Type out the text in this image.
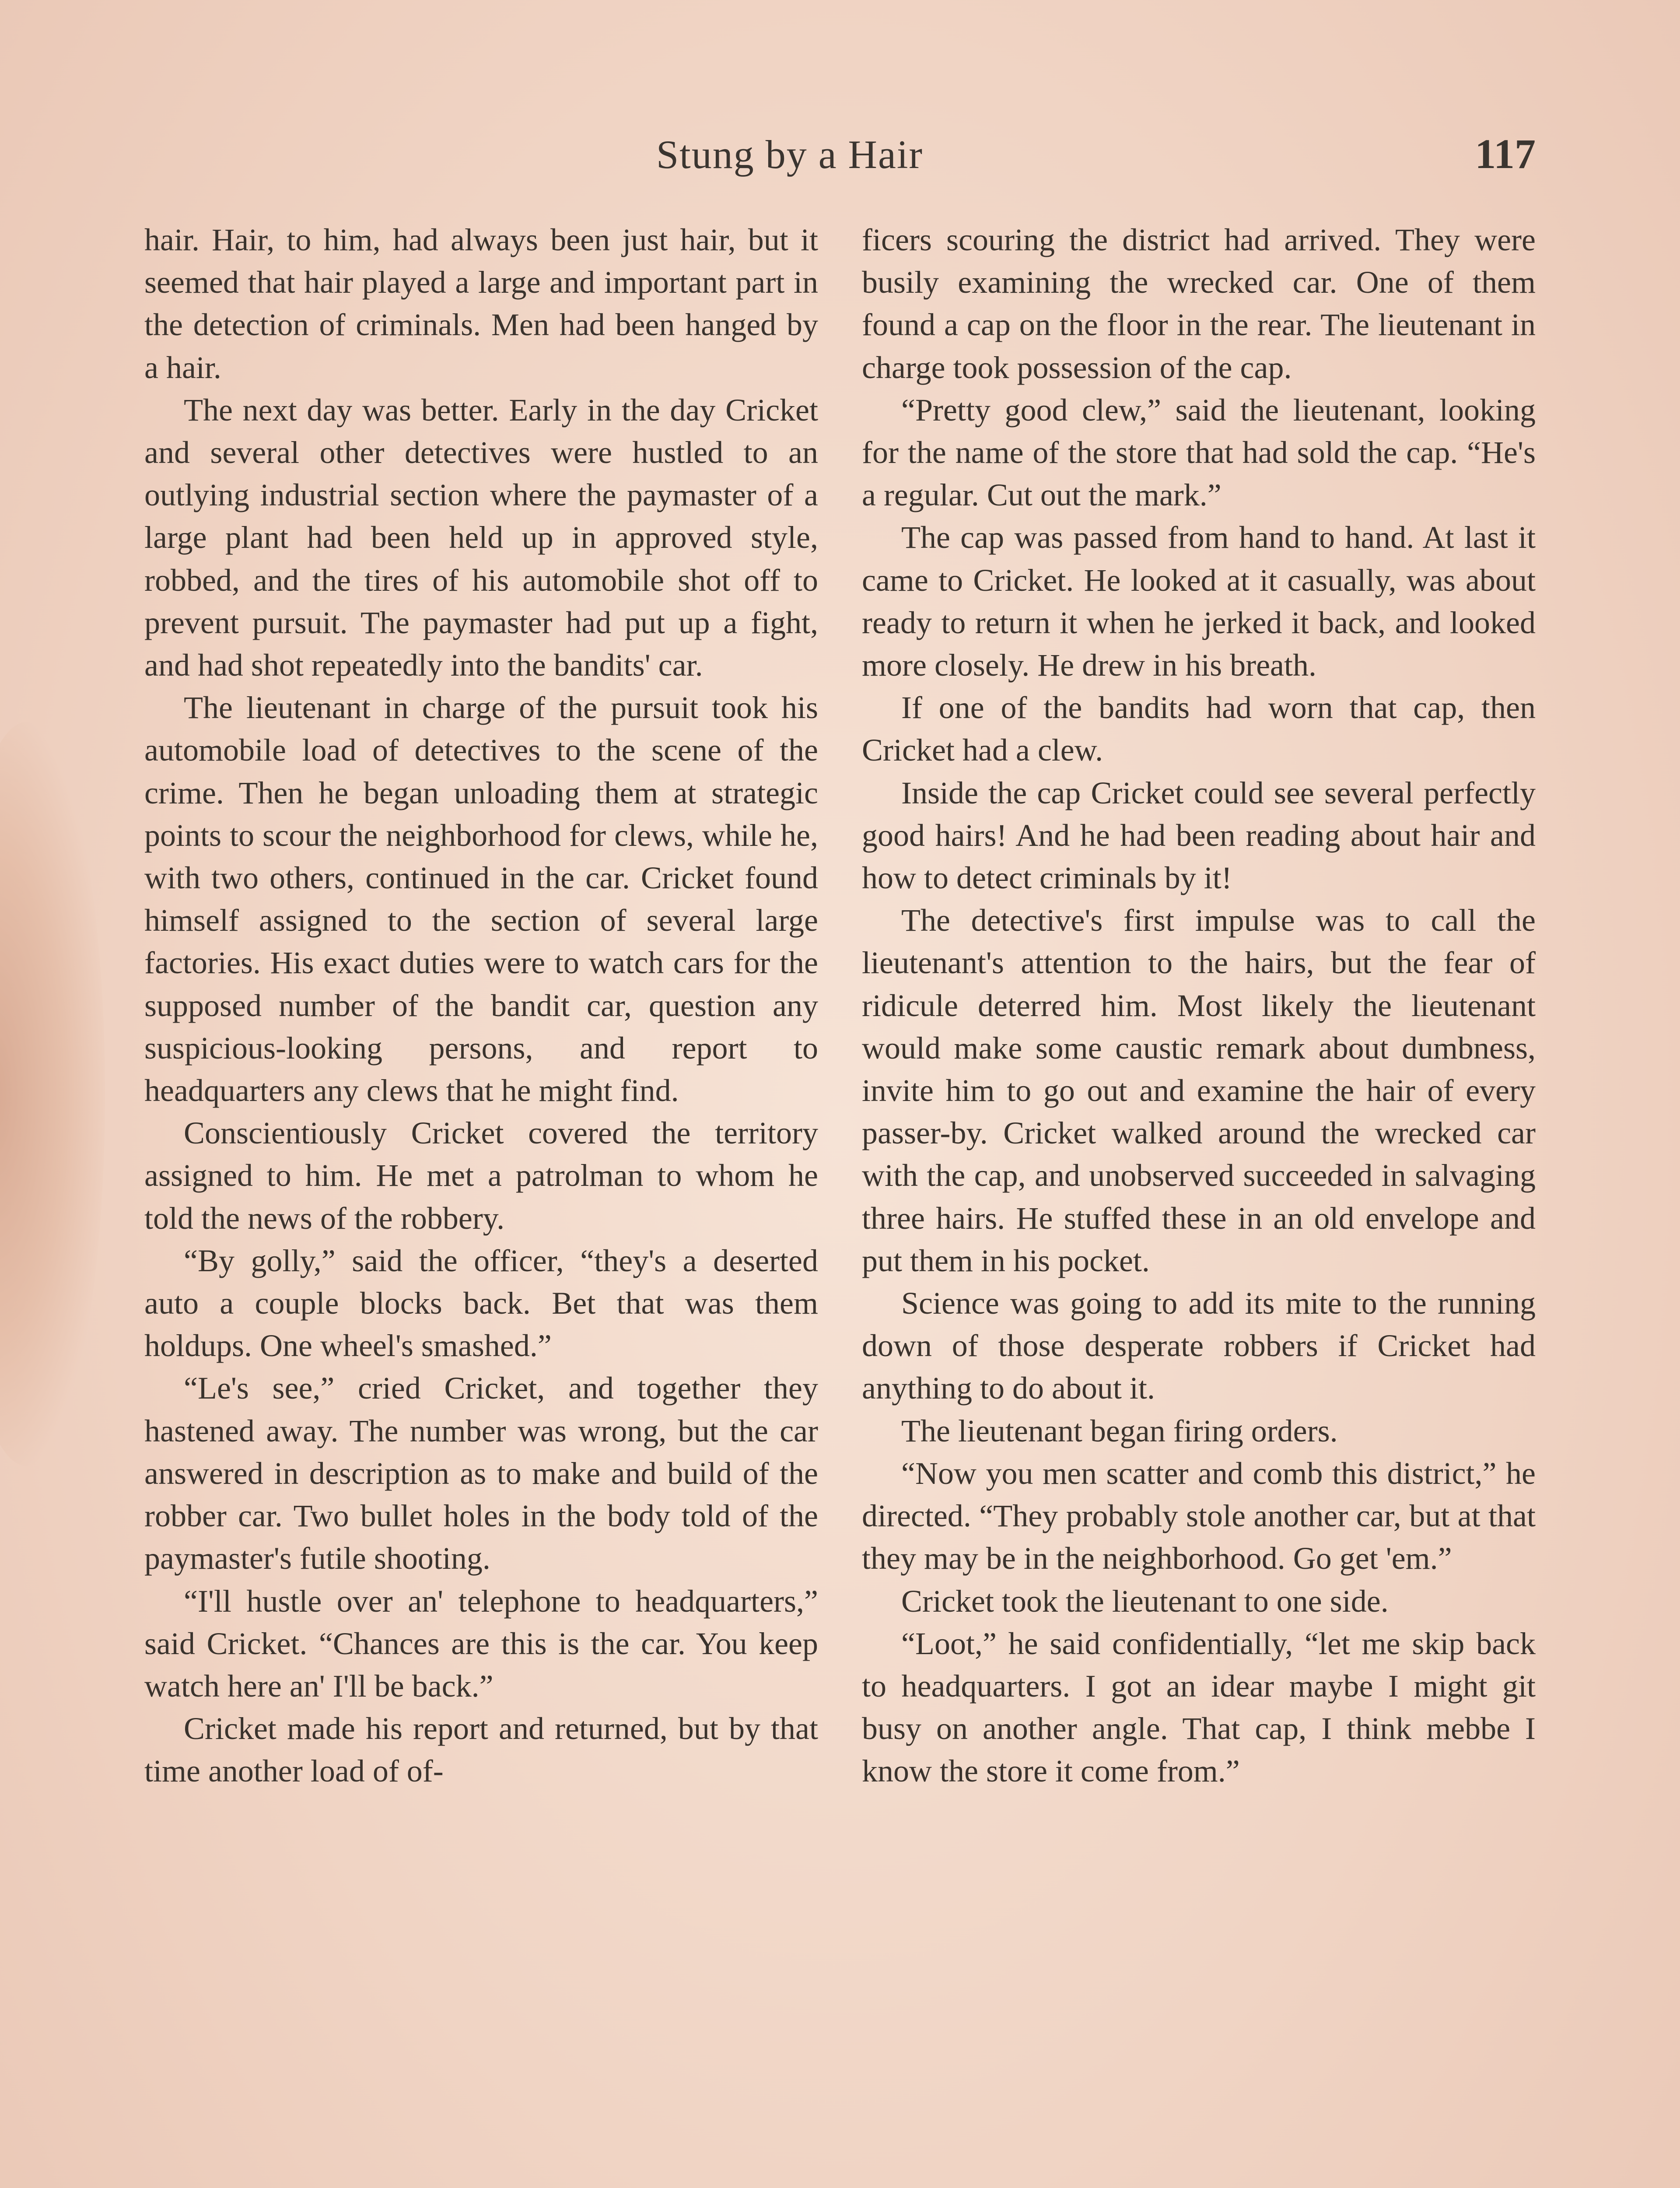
Stung by a Hair	117

hair. Hair, to him, had always been just hair, but it seemed that hair played a large and important part in the detection of criminals. Men had been hanged by a hair.

The next day was better. Early in the day Cricket and several other detectives were hustled to an outlying industrial section where the paymaster of a large plant had been held up in approved style, robbed, and the tires of his automobile shot off to prevent pursuit. The paymaster had put up a fight, and had shot repeatedly into the bandits' car.

The lieutenant in charge of the pursuit took his automobile load of detectives to the scene of the crime. Then he began unloading them at strategic points to scour the neighborhood for clews, while he, with two others, continued in the car. Cricket found himself assigned to the section of several large factories. His exact duties were to watch cars for the supposed number of the bandit car, question any suspicious-looking persons, and report to headquarters any clews that he might find.

Conscientiously Cricket covered the territory assigned to him. He met a patrolman to whom he told the news of the robbery.

“By golly,” said the officer, “they's a deserted auto a couple blocks back. Bet that was them holdups. One wheel's smashed.”

“Le's see,” cried Cricket, and together they hastened away. The number was wrong, but the car answered in description as to make and build of the robber car. Two bullet holes in the body told of the paymaster's futile shooting.

“I'll hustle over an' telephone to headquarters,” said Cricket. “Chances are this is the car. You keep watch here an' I'll be back.”

Cricket made his report and returned, but by that time another load of of-

ficers scouring the district had arrived. They were busily examining the wrecked car. One of them found a cap on the floor in the rear. The lieutenant in charge took possession of the cap.

“Pretty good clew,” said the lieutenant, looking for the name of the store that had sold the cap. “He's a regular. Cut out the mark.”

The cap was passed from hand to hand. At last it came to Cricket. He looked at it casually, was about ready to return it when he jerked it back, and looked more closely. He drew in his breath.

If one of the bandits had worn that cap, then Cricket had a clew.

Inside the cap Cricket could see several perfectly good hairs! And he had been reading about hair and how to detect criminals by it!

The detective's first impulse was to call the lieutenant's attention to the hairs, but the fear of ridicule deterred him. Most likely the lieutenant would make some caustic remark about dumbness, invite him to go out and examine the hair of every passer-by. Cricket walked around the wrecked car with the cap, and unobserved succeeded in salvaging three hairs. He stuffed these in an old envelope and put them in his pocket.

Science was going to add its mite to the running down of those desperate robbers if Cricket had anything to do about it.

The lieutenant began firing orders.

“Now you men scatter and comb this district,” he directed. “They probably stole another car, but at that they may be in the neighborhood. Go get 'em.”

Cricket took the lieutenant to one side.

“Loot,” he said confidentially, “let me skip back to headquarters. I got an idear maybe I might git busy on another angle. That cap, I think mebbe I know the store it come from.”
